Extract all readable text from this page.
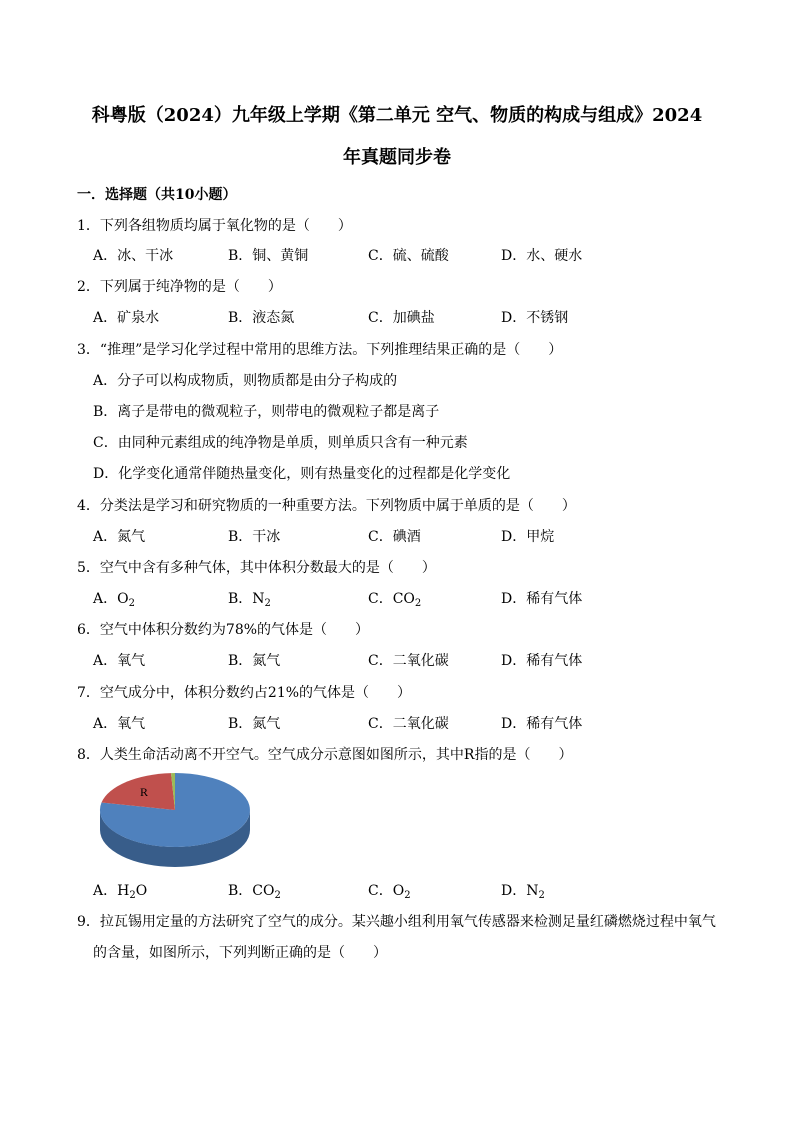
科粤版（2024）九年级上学期《第二单元 空气、物质的构成与组成》2024
年真题同步卷
一．选择题（共10小题）
1．下列各组物质均属于氧化物的是（　　）
A．冰、干冰	B．铜、黄铜	C．硫、硫酸	D．水、硬水
2．下列属于纯净物的是（　　）
A．矿泉水	B．液态氮	C．加碘盐	D．不锈钢
3．“推理”是学习化学过程中常用的思维方法。下列推理结果正确的是（　　）
A．分子可以构成物质，则物质都是由分子构成的
B．离子是带电的微观粒子，则带电的微观粒子都是离子
C．由同种元素组成的纯净物是单质，则单质只含有一种元素
D．化学变化通常伴随热量变化，则有热量变化的过程都是化学变化
4．分类法是学习和研究物质的一种重要方法。下列物质中属于单质的是（　　）
A．氮气	B．干冰	C．碘酒	D．甲烷
5．空气中含有多种气体，其中体积分数最大的是（　　）
A．$O_2$	B．$N_2$	C．$CO_2$	D．稀有气体
6．空气中体积分数约为78%的气体是（　　）
A．氧气	B．氮气	C．二氧化碳	D．稀有气体
7．空气成分中，体积分数约占21%的气体是（　　）
A．氧气	B．氮气	C．二氧化碳	D．稀有气体
8．人类生命活动离不开空气。空气成分示意图如图所示，其中R指的是（　　）
R
A．$H_2O$	B．$CO_2$	C．$O_2$	D．$N_2$
9．拉瓦锡用定量的方法研究了空气的成分。某兴趣小组利用氧气传感器来检测足量红磷燃烧过程中氧气
的含量，如图所示，下列判断正确的是（　　）
